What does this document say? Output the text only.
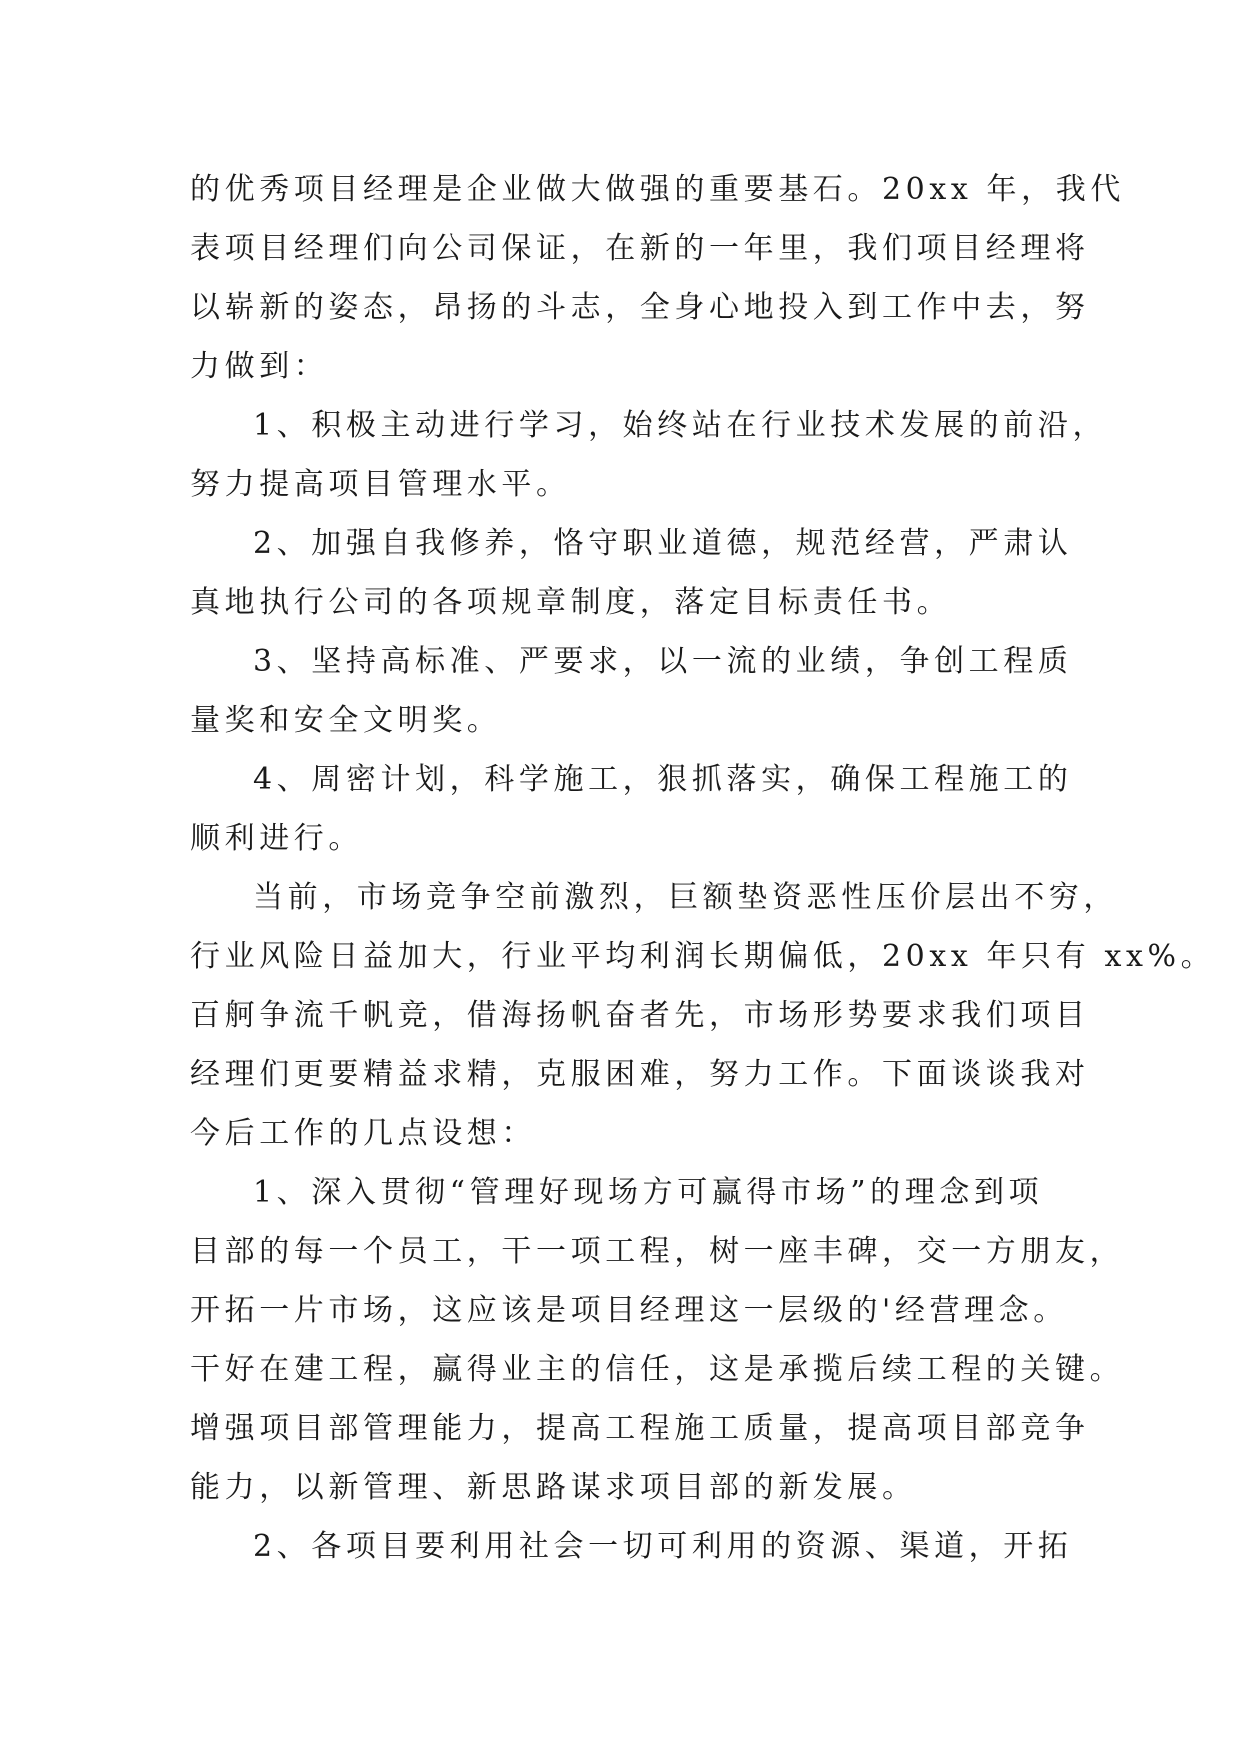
的优秀项目经理是企业做大做强的重要基石。20xx 年，我代
表项目经理们向公司保证，在新的一年里，我们项目经理将
以崭新的姿态，昂扬的斗志，全身心地投入到工作中去，努
力做到：
1、积极主动进行学习，始终站在行业技术发展的前沿，
努力提高项目管理水平。
2、加强自我修养，恪守职业道德，规范经营，严肃认
真地执行公司的各项规章制度，落定目标责任书。
3、坚持高标准、严要求，以一流的业绩，争创工程质
量奖和安全文明奖。
4、周密计划，科学施工，狠抓落实，确保工程施工的
顺利进行。
当前，市场竞争空前激烈，巨额垫资恶性压价层出不穷，
行业风险日益加大，行业平均利润长期偏低，20xx 年只有 xx%。
百舸争流千帆竞，借海扬帆奋者先，市场形势要求我们项目
经理们更要精益求精，克服困难，努力工作。下面谈谈我对
今后工作的几点设想：
1、深入贯彻“管理好现场方可赢得市场”的理念到项
目部的每一个员工，干一项工程，树一座丰碑，交一方朋友，
开拓一片市场，这应该是项目经理这一层级的'经营理念。
干好在建工程，赢得业主的信任，这是承揽后续工程的关键。
增强项目部管理能力，提高工程施工质量，提高项目部竞争
能力，以新管理、新思路谋求项目部的新发展。
2、各项目要利用社会一切可利用的资源、渠道，开拓
